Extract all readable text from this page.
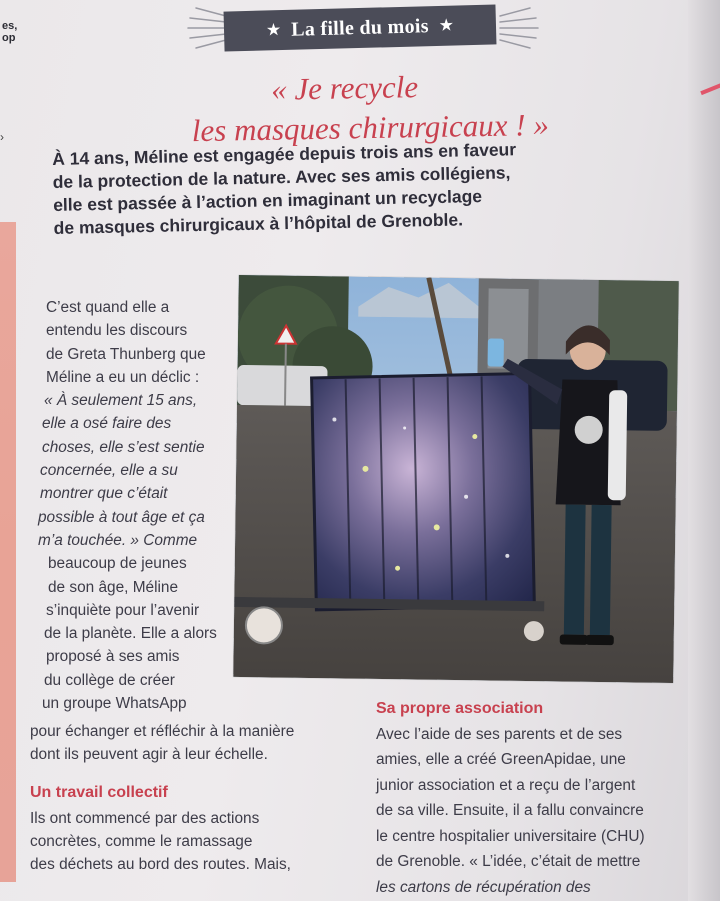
es,
op
›
★ La fille du mois ★
« Je recycle
les masques chirurgicaux ! »
À 14 ans, Méline est engagée depuis trois ans en faveur
de la protection de la nature. Avec ses amis collégiens,
elle est passée à l’action en imaginant un recyclage
de masques chirurgicaux à l’hôpital de Grenoble.
C’est quand elle a
entendu les discours
de Greta Thunberg que
Méline a eu un déclic :
« À seulement 15 ans,
elle a osé faire des
choses, elle s’est sentie
concernée, elle a su
montrer que c’était
possible à tout âge et ça
m’a touchée. » Comme
beaucoup de jeunes
de son âge, Méline
s’inquiète pour l’avenir
de la planète. Elle a alors
proposé à ses amis
du collège de créer
un groupe WhatsApp
pour échanger et réfléchir à la manière
dont ils peuvent agir à leur échelle.
Un travail collectif
Ils ont commencé par des actions
concrètes, comme le ramassage
des déchets au bord des routes. Mais,
Sa propre association
Avec l’aide de ses parents et de ses
amies, elle a créé GreenApidae, une
junior association et a reçu de l’argent
de sa ville. Ensuite, il a fallu convaincre
le centre hospitalier universitaire (CHU)
de Grenoble. « L’idée, c’était de mettre
les cartons de récupération des
